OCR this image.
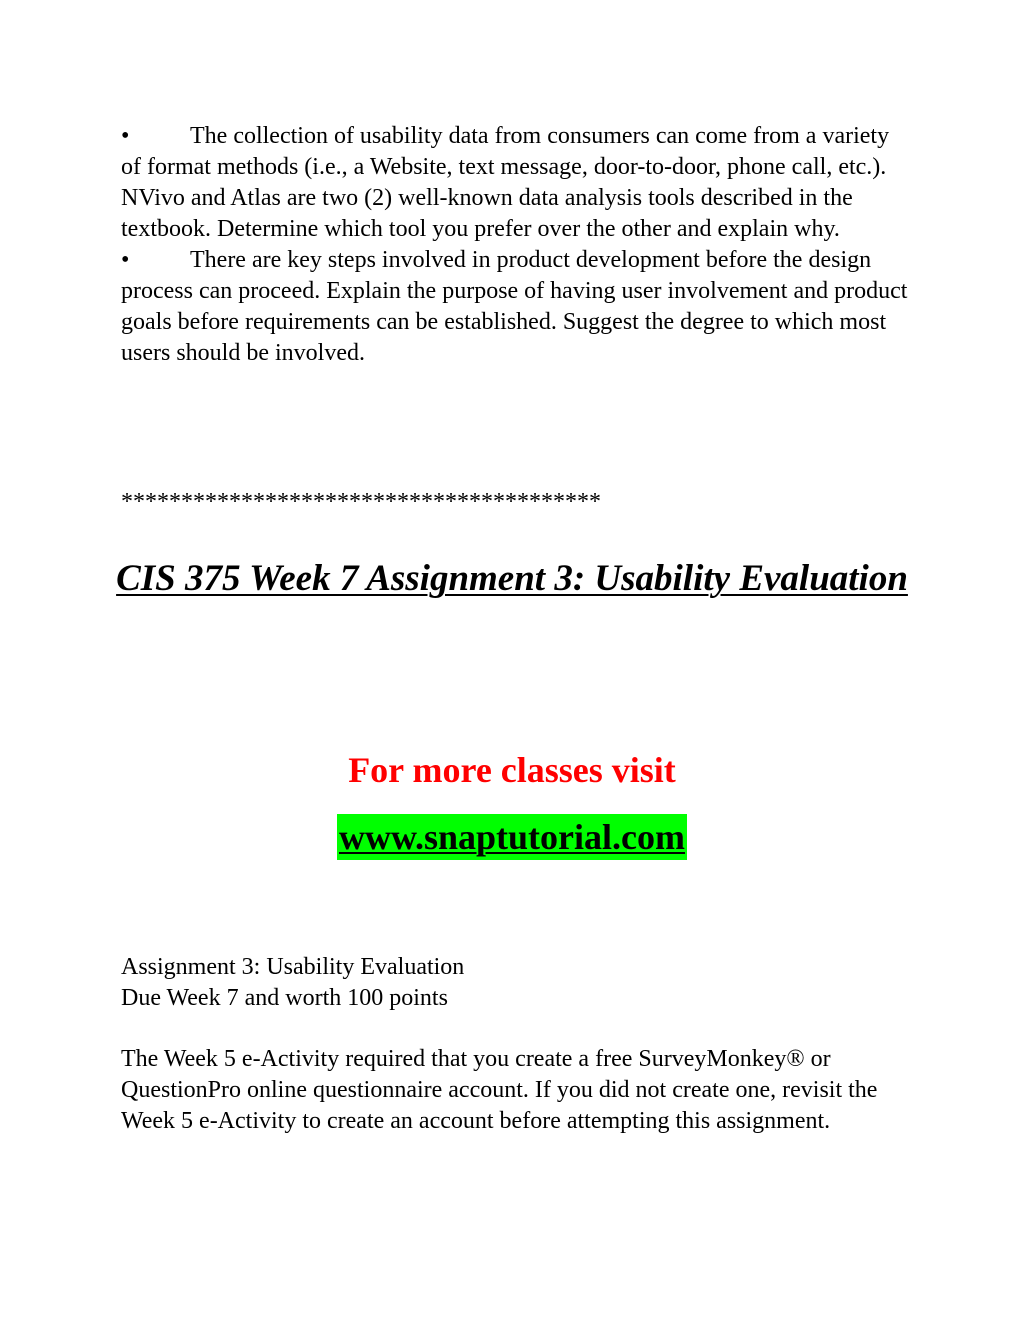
•	The collection of usability data from consumers can come from a variety of format methods (i.e., a Website, text message, door-to-door, phone call, etc.). NVivo and Atlas are two (2) well-known data analysis tools described in the textbook. Determine which tool you prefer over the other and explain why.

•	There are key steps involved in product development before the design process can proceed. Explain the purpose of having user involvement and product goals before requirements can be established. Suggest the degree to which most users should be involved.

****************************************
CIS 375 Week 7 Assignment 3: Usability Evaluation
For more classes visit
www.snaptutorial.com

Assignment 3: Usability Evaluation

Due Week 7 and worth 100 points

The Week 5 e-Activity required that you create a free SurveyMonkey® or QuestionPro online questionnaire account. If you did not create one, revisit the Week 5 e-Activity to create an account before attempting this assignment.
